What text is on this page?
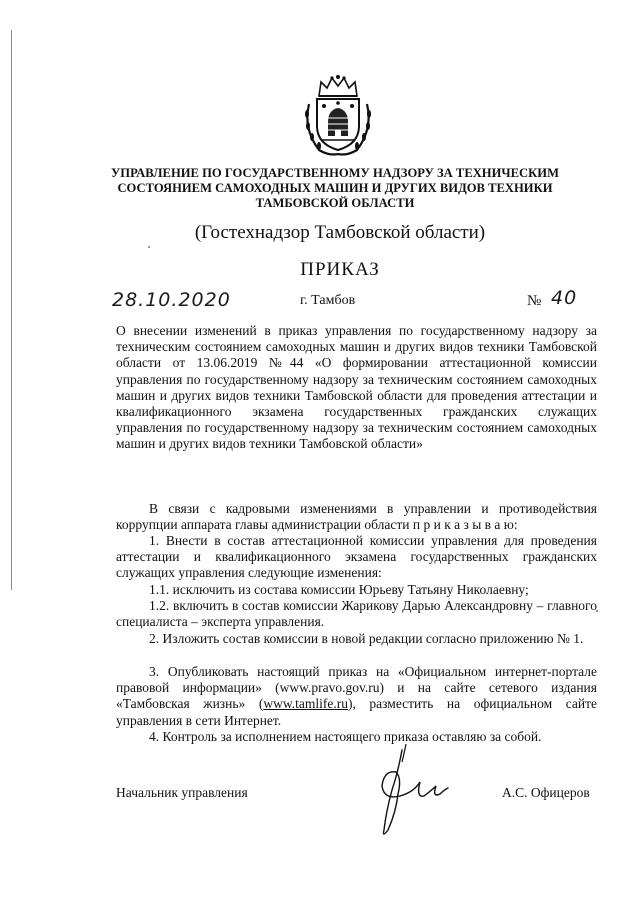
УПРАВЛЕНИЕ ПО ГОСУДАРСТВЕННОМУ НАДЗОРУ ЗА ТЕХНИЧЕСКИМ
СОСТОЯНИЕМ САМОХОДНЫХ МАШИН И ДРУГИХ ВИДОВ ТЕХНИКИ
ТАМБОВСКОЙ ОБЛАСТИ
(Гостехнадзор Тамбовской области)
ПРИКАЗ
28.10.2020	г. Тамбов	№ 40

О внесении изменений в приказ управления по государственному надзору за техническим состоянием самоходных машин и других видов техники Тамбовской области от 13.06.2019 №44 «О формировании аттестационной комиссии управления по государственному надзору за техническим состоянием самоходных машин и других видов техники Тамбовской области для проведения аттестации и квалификационного экзамена государственных гражданских служащих управления по государственному надзору за техническим состоянием самоходных машин и других видов техники Тамбовской области»

В связи с кадровыми изменениями в управлении и противодействия коррупции аппарата главы администрации области п р и к а з ы в а ю:

1. Внести в состав аттестационной комиссии управления для проведения аттестации и квалификационного экзамена государственных гражданских служащих управления следующие изменения:

1.1. исключить из состава комиссии Юрьеву Татьяну Николаевну;

1.2. включить в состав комиссии Жарикову Дарью Александровну – главного специалиста – эксперта управления.

2. Изложить состав комиссии в новой редакции согласно приложению № 1.

3. Опубликовать настоящий приказ на «Официальном интернет-портале правовой информации» (www.pravo.gov.ru) и на сайте сетевого издания «Тамбовская жизнь» (www.tamlife.ru), разместить на официальном сайте управления в сети Интернет.

4. Контроль за исполнением настоящего приказа оставляю за собой.

Начальник управления	А.С. Офицеров
